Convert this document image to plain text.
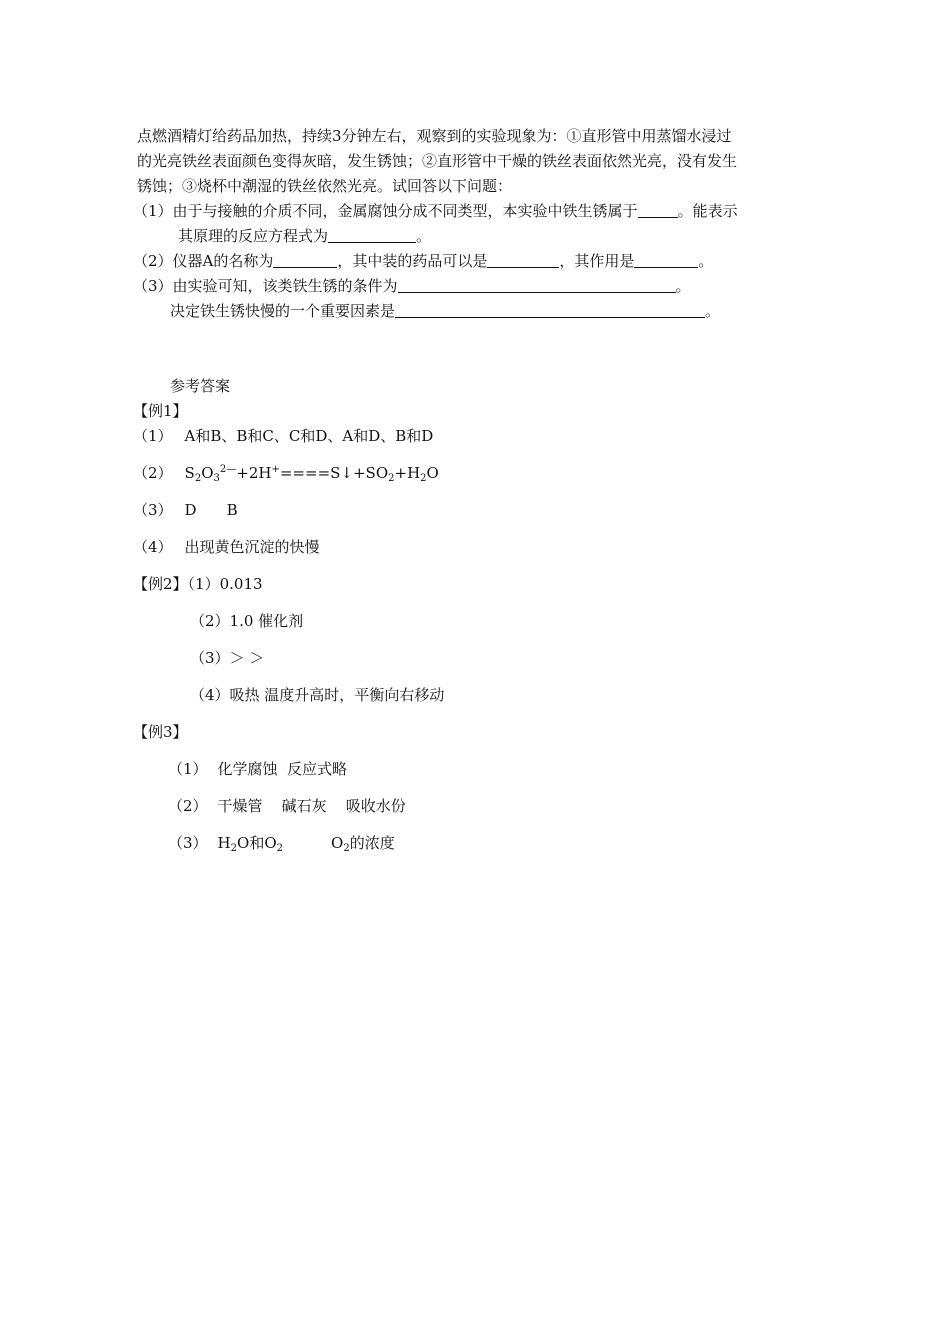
点燃酒精灯给药品加热，持续3分钟左右，观察到的实验现象为：①直形管中用蒸馏水浸过
的光亮铁丝表面颜色变得灰暗，发生锈蚀；②直形管中干燥的铁丝表面依然光亮，没有发生
锈蚀；③烧杯中潮湿的铁丝依然光亮。试回答以下问题：
（1）由于与接触的介质不同，金属腐蚀分成不同类型，本实验中铁生锈属于	。能表示
其原理的反应方程式为	。
（2）仪器A的名称为	，其中装的药品可以是	，其作用是	。
（3）由实验可知，该类铁生锈的条件为	。
决定铁生锈快慢的一个重要因素是	。
参考答案
【例1】
（1） A和B、B和C、C和D、A和D、B和D
（2） $S_2O_3^{2—}+2H^+====S↓+SO_2+H_2O$
（3） D B
（4） 出现黄色沉淀的快慢
【例2】（1）0.013
（2）1.0 催化剂
（3）＞ ＞
（4）吸热 温度升高时，平衡向右移动
【例3】
（1） 化学腐蚀  反应式略
（2） 干燥管    碱石灰    吸收水份
（3） $H_2O$和$O_2$	$O_2$的浓度
